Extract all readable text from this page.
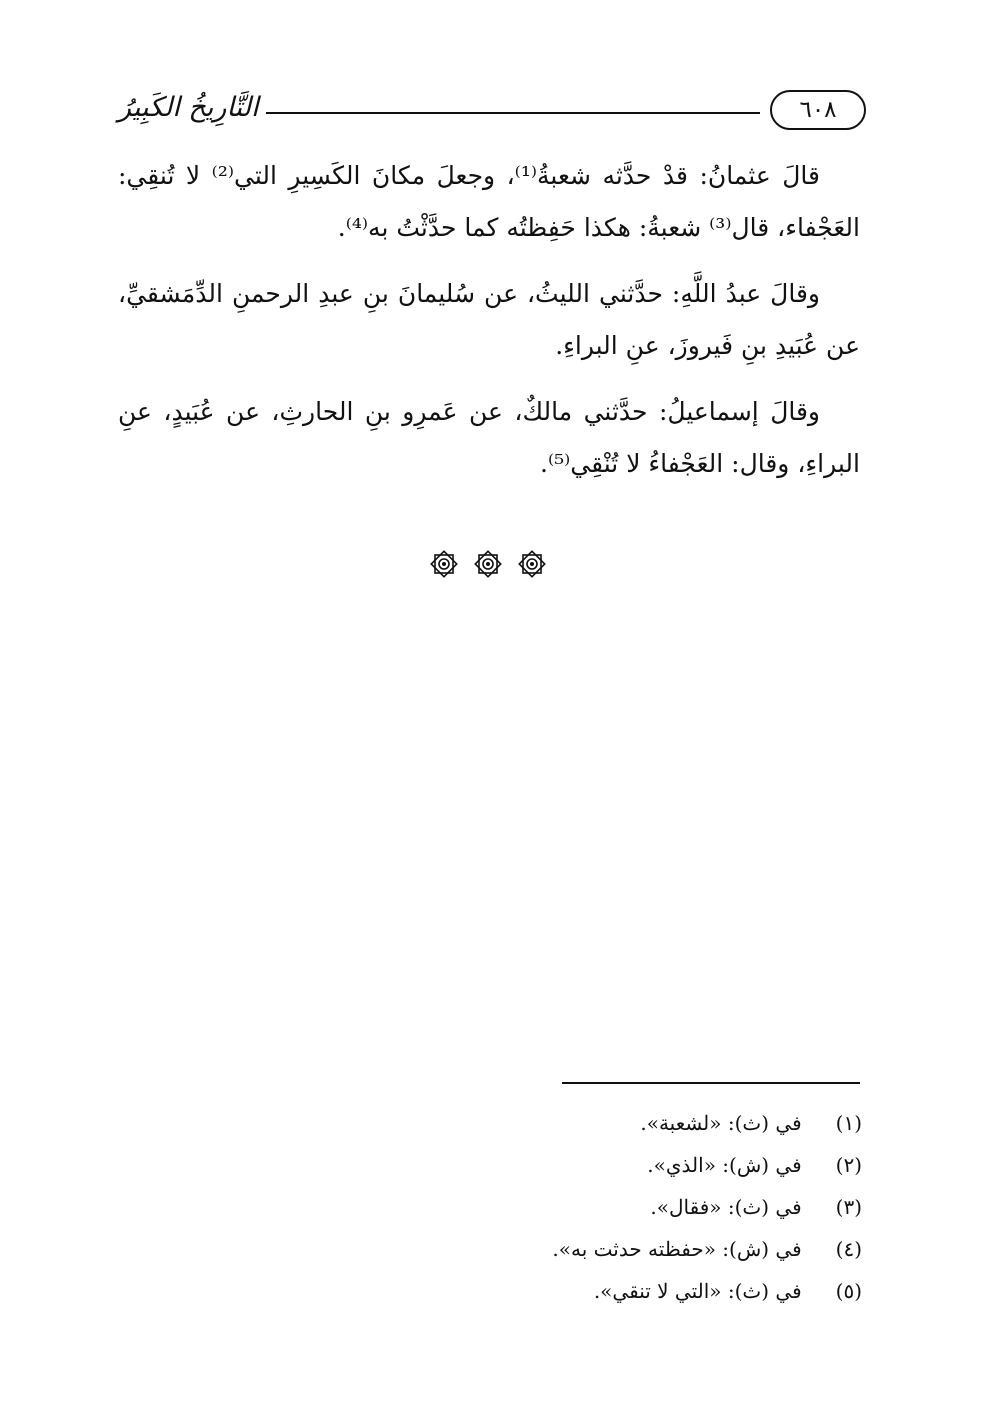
التَّارِيخُ الكَبِيرُ	٦٠٨

قالَ عثمانُ: قدْ حدَّثه شعبةُ⁽¹⁾، وجعلَ مكانَ الكَسِيرِ التي⁽²⁾ لا تُنقِي: العَجْفاء، قال⁽³⁾ شعبةُ: هكذا حَفِظتُه كما حدَّثْتُ به⁽⁴⁾.

وقالَ عبدُ اللَّهِ: حدَّثني الليثُ، عن سُليمانَ بنِ عبدِ الرحمنِ الدِّمَشقيِّ، عن عُبَيدِ بنِ فَيروزَ، عنِ البراءِ.

وقالَ إسماعيلُ: حدَّثني مالكٌ، عن عَمرِو بنِ الحارثِ، عن عُبَيدٍ، عنِ البراءِ، وقال: العَجْفاءُ لا تُنْقِي⁽⁵⁾.

(١) في (ث): «لشعبة».
(٢) في (ش): «الذي».
(٣) في (ث): «فقال».
(٤) في (ش): «حفظته حدثت به».
(٥) في (ث): «التي لا تنقي».
